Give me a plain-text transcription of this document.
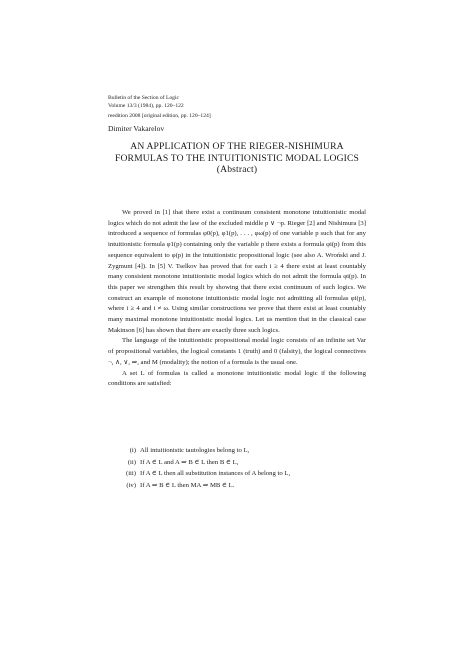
Bulletin of the Section of Logic
Volume 13/3 (1984), pp. 120–122
reedition 2008 [original edition, pp. 120–124]
Dimiter Vakarelov
AN APPLICATION OF THE RIEGER-NISHIMURA
FORMULAS TO THE INTUITIONISTIC MODAL LOGICS
(Abstract)

We proved in [1] that there exist a continuum consistent monotone intuitionistic modal logics which do not admit the law of the excluded middle p ∨ ¬p. Rieger [2] and Nishimura [3] introduced a sequence of formulas φ0(p), φ1(p), . . . , φω(p) of one variable p such that for any intuitionistic formula φ1(p) containing only the variable p there exists a formula φi(p) from this sequence equivalent to φ(p) in the intuitionistic propositional logic (see also A. Wroński and J. Zygmunt [4]). In [5] V. Tselkov has proved that for each i ≥ 4 there exist at least countably many consistent monotone intuitionistic modal logics which do not admit the formula φi(p). In this paper we strengthen this result by showing that there exist continuum of such logics. We construct an example of monotone intuitionistic modal logic not admitting all formulas φi(p), where i ≥ 4 and i ≠ ω. Using similar constructions we prove that there exist at least countably many maximal monotone intuitionistic modal logics. Let us mention that in the classical case Makinson [6] has shown that there are exactly three such logics.

The language of the intuitionistic propositional modal logic consists of an infinite set Var of propositional variables, the logical constants 1 (truth) and 0 (falsity), the logical connectives ¬, ∧, ∨, ⇒, and M (modality); the notion of a formula is the usual one.

A set L of formulas is called a monotone intuitionistic modal logic if the following conditions are satisfied:

(i) All intuitionistic tautologies belong to L,
(ii) If A ∈ L and A ⇒ B ∈ L then B ∈ L,
(iii) If A ∈ L then all substitution instances of A belong to L,
(iv) If A ⇒ B ∈ L then MA ⇒ MB ∈ L.
